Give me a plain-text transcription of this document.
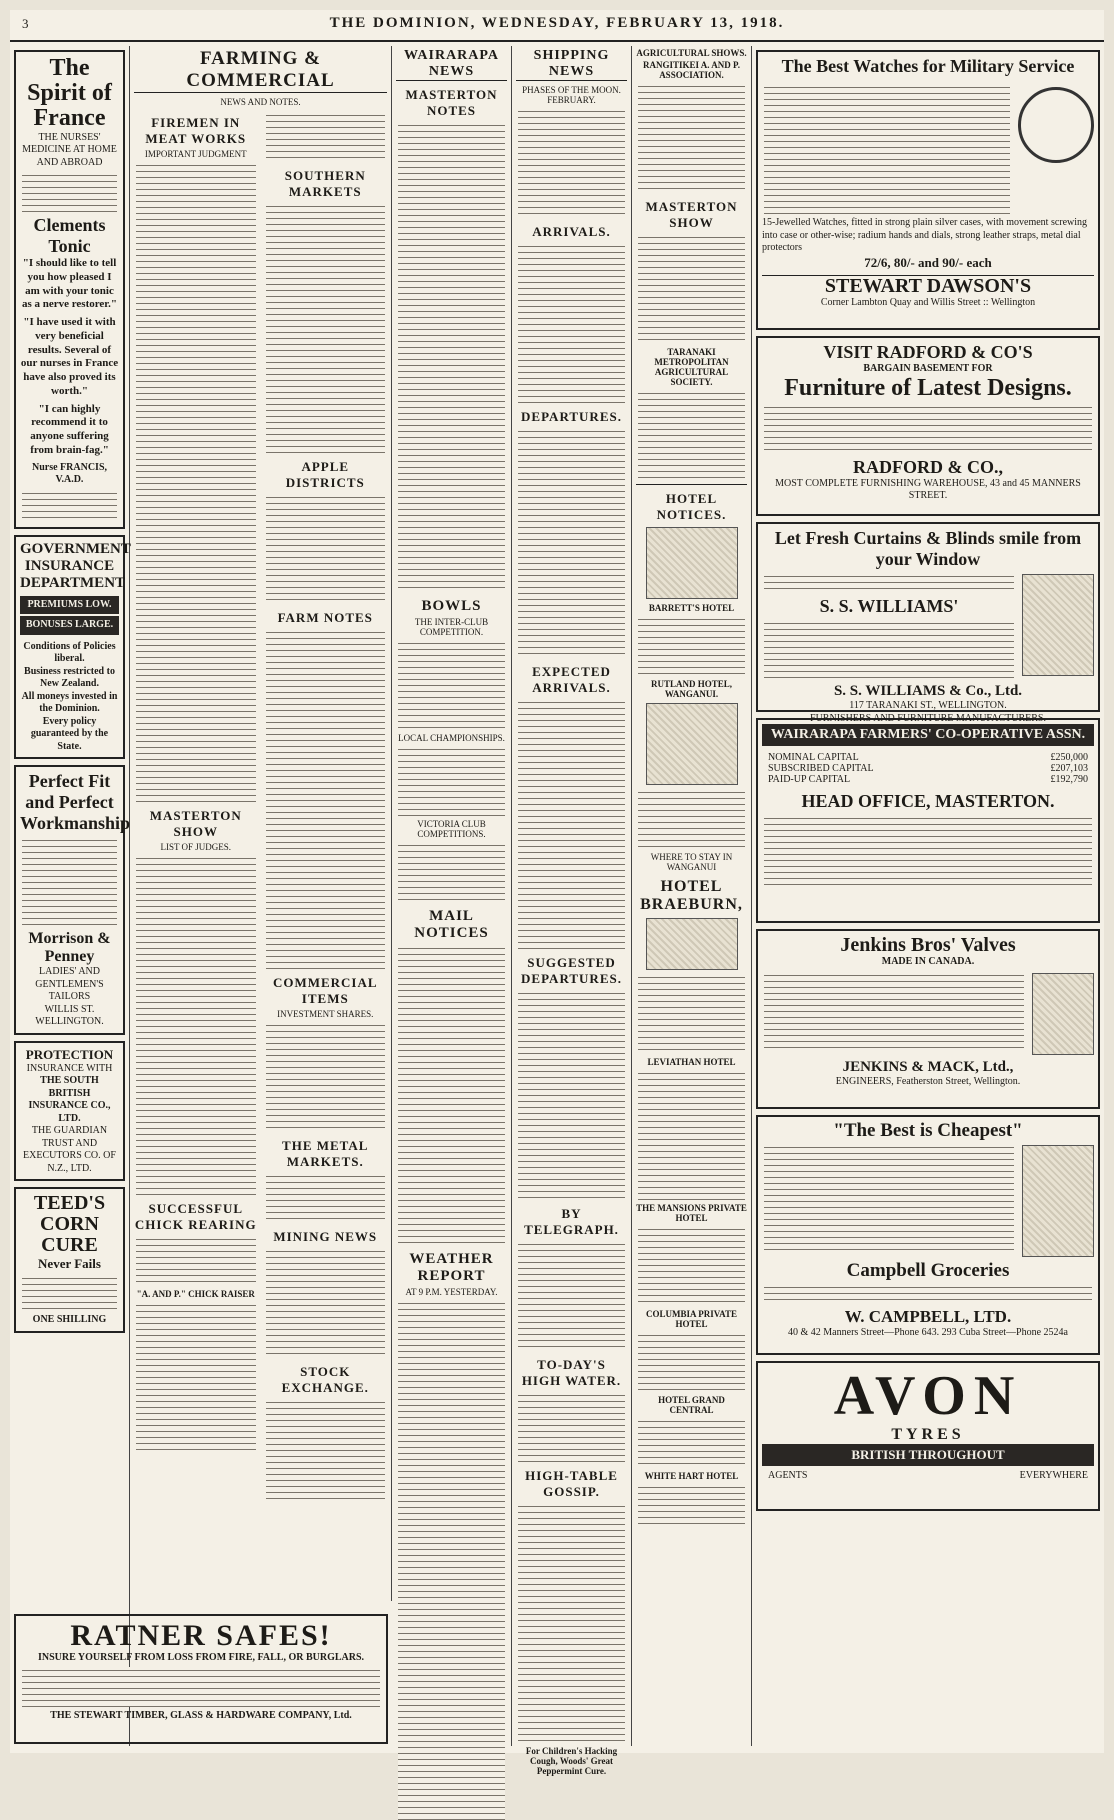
3	THE DOMINION, WEDNESDAY, FEBRUARY 13, 1918.
The Spirit of France
THE NURSES' MEDICINE AT HOME AND ABROAD
Clements Tonic
"I should like to tell you how pleased I am with your tonic as a nerve restorer."
"I have used it with very beneficial results. Several of our nurses in France have also proved its worth."
"I can highly recommend it to anyone suffering from brain-fag."
Nurse FRANCIS, V.A.D.
GOVERNMENT INSURANCE DEPARTMENT
PREMIUMS LOW.
BONUSES LARGE.
Conditions of Policies liberal.
Business restricted to New Zealand.
All moneys invested in the Dominion.
Every policy guaranteed by the State.
Perfect Fit and Perfect Workmanship
Morrison & Penney
LADIES' AND GENTLEMEN'S TAILORS
WILLIS ST. WELLINGTON.
PROTECTION
INSURANCE WITH
THE SOUTH BRITISH INSURANCE CO., LTD.
THE GUARDIAN TRUST AND EXECUTORS CO. OF N.Z., LTD.
TEED'S CORN CURE
Never Fails
ONE SHILLING
FARMING & COMMERCIAL
NEWS AND NOTES.
FIREMEN IN MEAT WORKS
IMPORTANT JUDGMENT
MASTERTON SHOW
LIST OF JUDGES.
SUCCESSFUL CHICK REARING
"A. AND P." CHICK RAISER
SOUTHERN MARKETS
APPLE DISTRICTS
FARM NOTES
COMMERCIAL ITEMS
INVESTMENT SHARES.
THE METAL MARKETS.
MINING NEWS
STOCK EXCHANGE.
RATNER SAFES!
INSURE YOURSELF FROM LOSS FROM FIRE, FALL, OR BURGLARS.
THE STEWART TIMBER, GLASS & HARDWARE COMPANY, Ltd.
WAIRARAPA NEWS
MASTERTON NOTES
BOWLS
THE INTER-CLUB COMPETITION.
LOCAL CHAMPIONSHIPS.
VICTORIA CLUB COMPETITIONS.
MAIL NOTICES
WEATHER REPORT
AT 9 P.M. YESTERDAY.
SHIPPING NEWS
PHASES OF THE MOON. FEBRUARY.
ARRIVALS.
DEPARTURES.
EXPECTED ARRIVALS.
SUGGESTED DEPARTURES.
BY TELEGRAPH.
TO-DAY'S HIGH WATER.
HIGH-TABLE GOSSIP.
For Children's Hacking Cough, Woods' Great Peppermint Cure.
AGRICULTURAL SHOWS.
RANGITIKEI A. AND P. ASSOCIATION.
MASTERTON SHOW
TARANAKI METROPOLITAN AGRICULTURAL SOCIETY.
HOTEL NOTICES.
BARRETT'S HOTEL
RUTLAND HOTEL, WANGANUI.
WHERE TO STAY IN WANGANUI
HOTEL BRAEBURN,
LEVIATHAN HOTEL
THE MANSIONS PRIVATE HOTEL
COLUMBIA PRIVATE HOTEL
HOTEL GRAND CENTRAL
WHITE HART HOTEL
The Best Watches for Military Service
15-Jewelled Watches, fitted in strong plain silver cases, with movement screwing into case or other-wise; radium hands and dials, strong leather straps, metal dial protectors
72/6, 80/- and 90/- each
STEWART DAWSON'S
Corner Lambton Quay and Willis Street :: Wellington
VISIT RADFORD & CO'S
BARGAIN BASEMENT FOR
Furniture of Latest Designs.
RADFORD & CO.,
MOST COMPLETE FURNISHING WAREHOUSE, 43 and 45 MANNERS STREET.
Let Fresh Curtains & Blinds smile from your Window
S. S. WILLIAMS'
S. S. WILLIAMS & Co., Ltd.
117 TARANAKI ST., WELLINGTON.
FURNISHERS AND FURNITURE MANUFACTURERS.
WAIRARAPA FARMERS' CO-OPERATIVE ASSN.
NOMINAL CAPITAL	£250,000
SUBSCRIBED CAPITAL	£207,103
PAID-UP CAPITAL	£192,790
HEAD OFFICE, MASTERTON.
Jenkins Bros' Valves
MADE IN CANADA.
JENKINS & MACK, Ltd.,
ENGINEERS, Featherston Street, Wellington.
"The Best is Cheapest"
Campbell Groceries
W. CAMPBELL, LTD.
40 & 42 Manners Street—Phone 643. 293 Cuba Street—Phone 2524a
AVON
TYRES
BRITISH THROUGHOUT
AGENTS	EVERYWHERE
